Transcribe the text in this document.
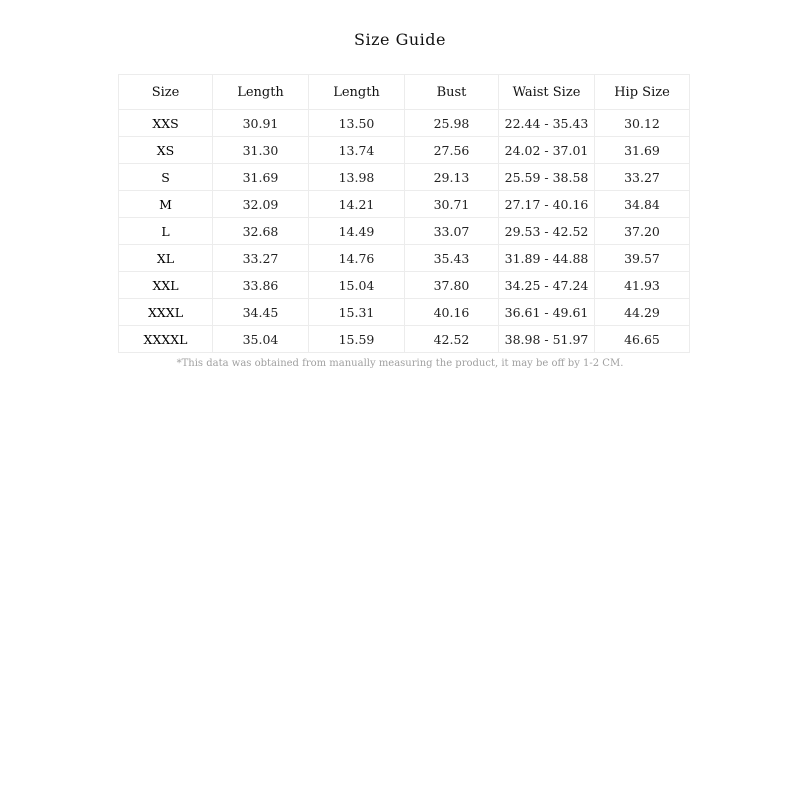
Size Guide
Size	Length	Length	Bust	Waist Size	Hip Size
XXS	30.91	13.50	25.98	22.44 - 35.43	30.12
XS	31.30	13.74	27.56	24.02 - 37.01	31.69
S	31.69	13.98	29.13	25.59 - 38.58	33.27
M	32.09	14.21	30.71	27.17 - 40.16	34.84
L	32.68	14.49	33.07	29.53 - 42.52	37.20
XL	33.27	14.76	35.43	31.89 - 44.88	39.57
XXL	33.86	15.04	37.80	34.25 - 47.24	41.93
XXXL	34.45	15.31	40.16	36.61 - 49.61	44.29
XXXXL	35.04	15.59	42.52	38.98 - 51.97	46.65
*This data was obtained from manually measuring the product, it may be off by 1-2 CM.
